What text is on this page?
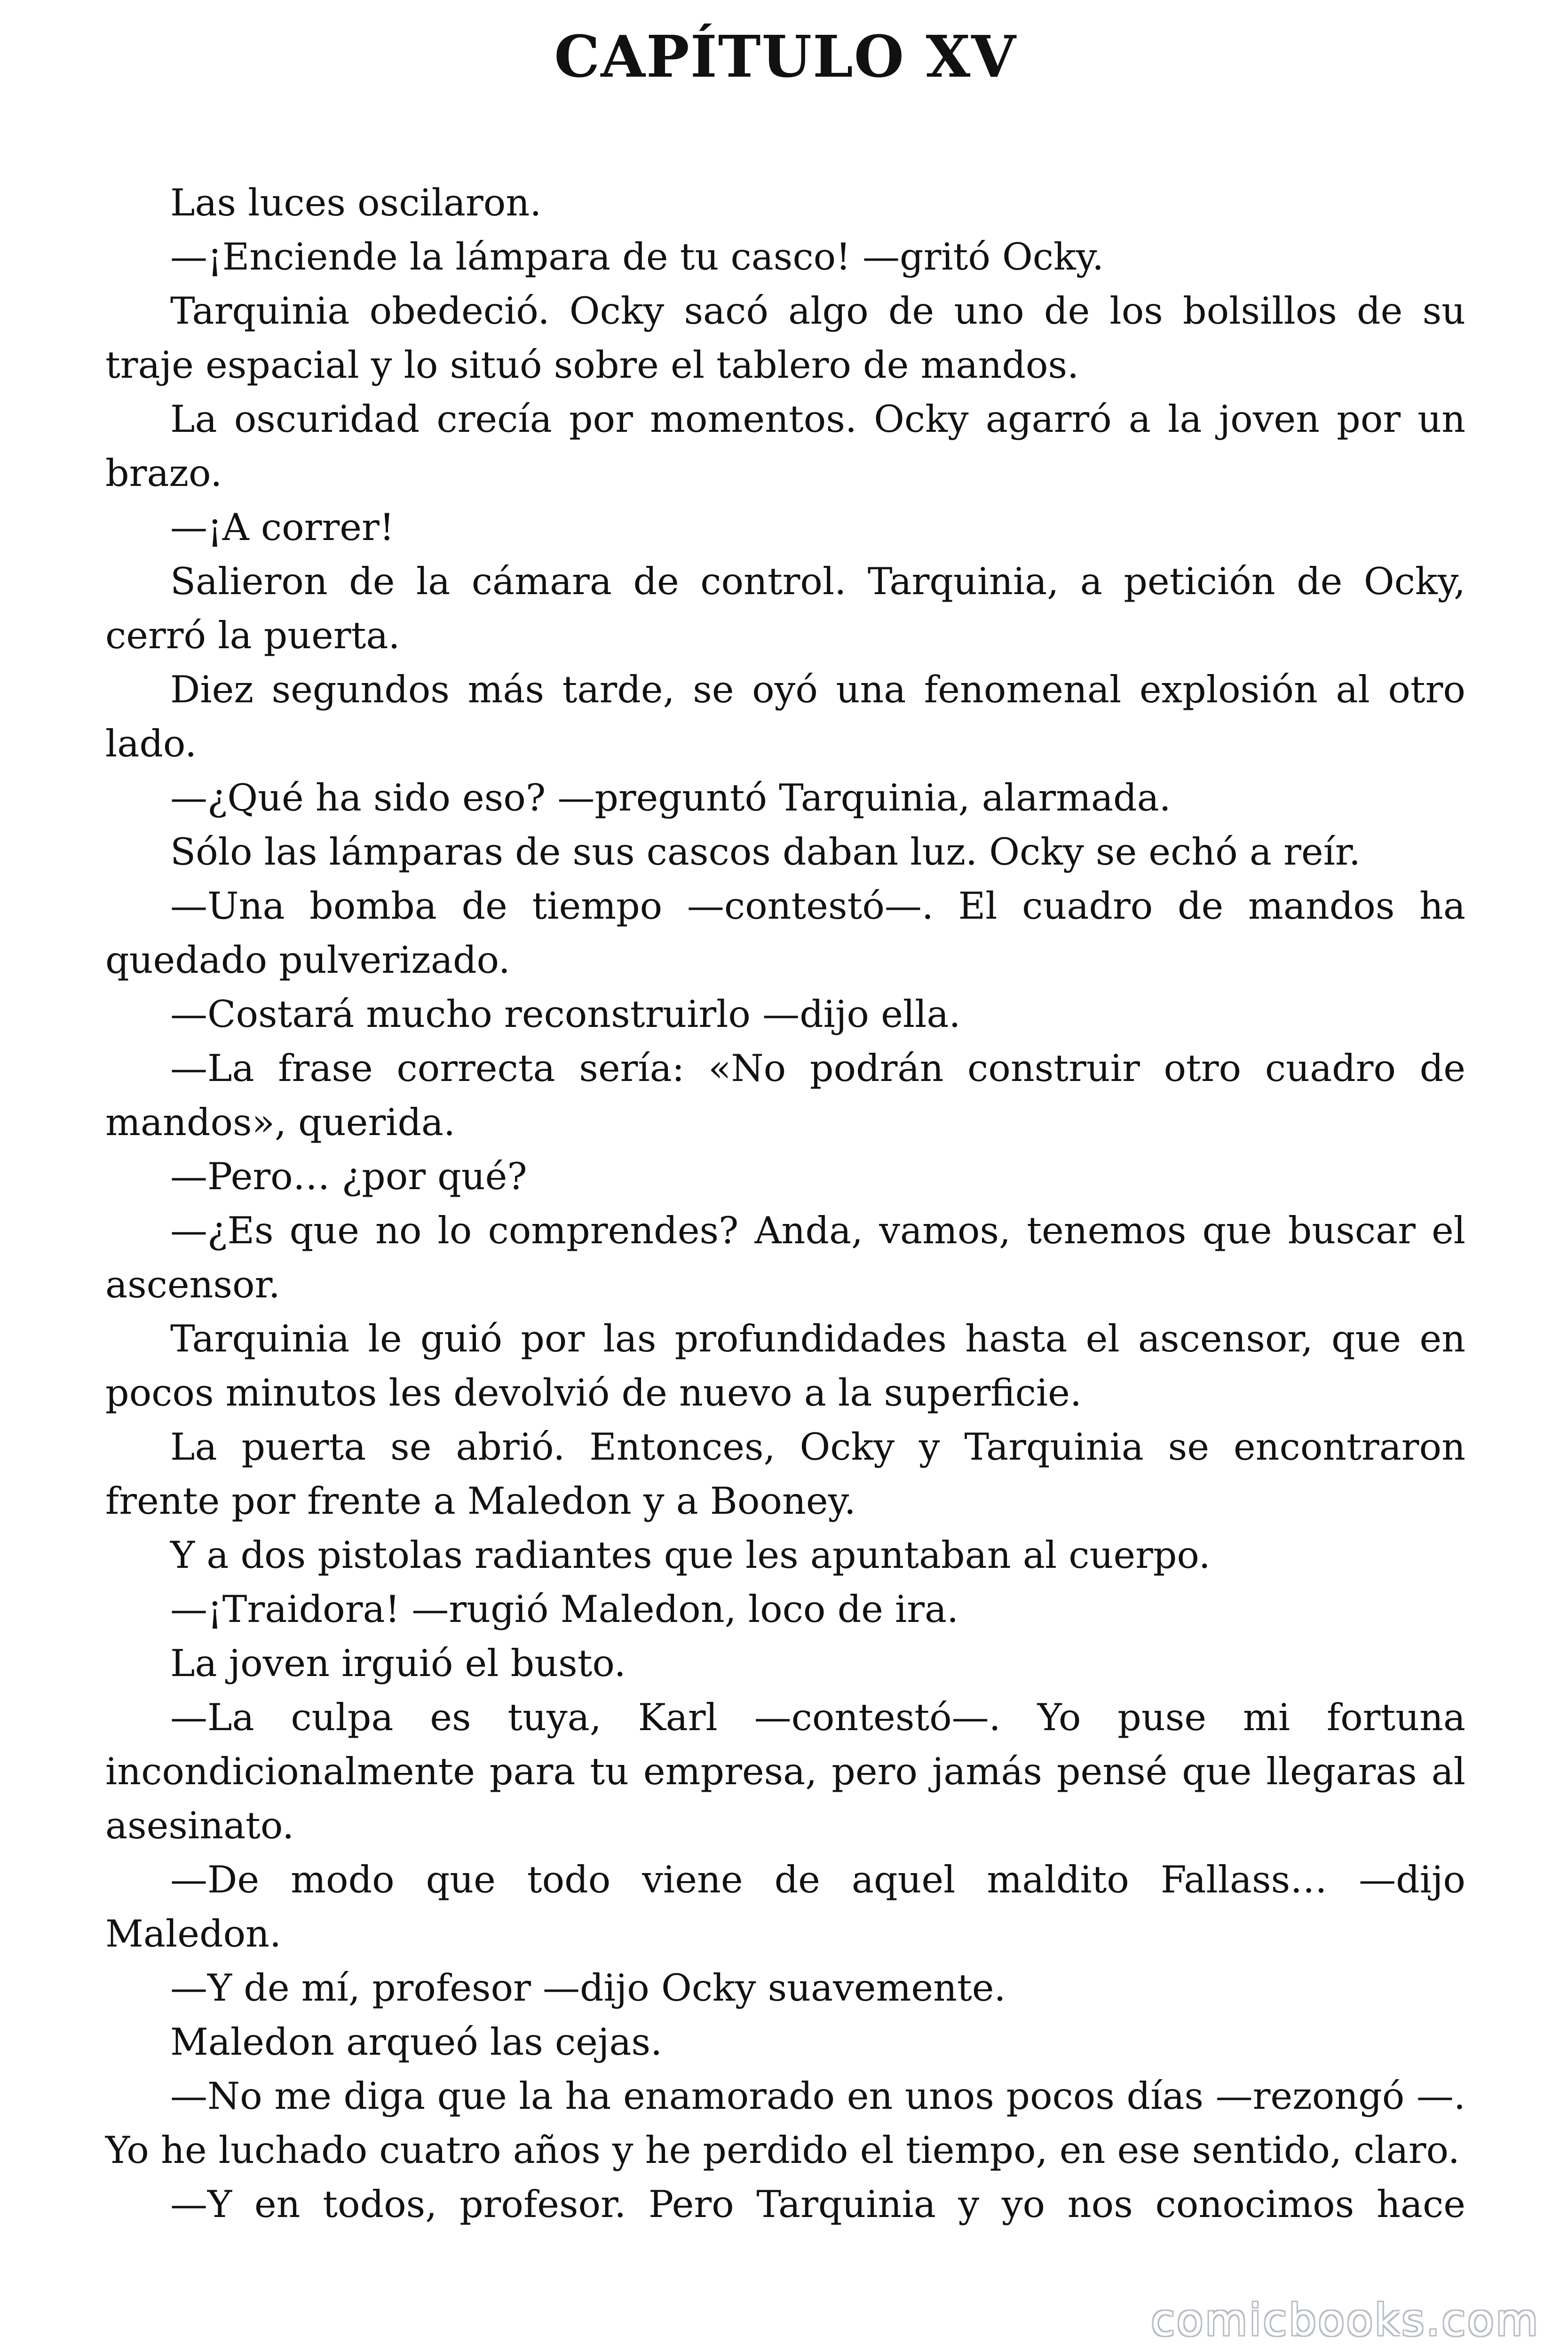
CAPÍTULO XV

Las luces oscilaron.

—¡Enciende la lámpara de tu casco! —gritó Ocky.

Tarquinia obedeció. Ocky sacó algo de uno de los bolsillos de su traje espacial y lo situó sobre el tablero de mandos.

La oscuridad crecía por momentos. Ocky agarró a la joven por un brazo.

—¡A correr!

Salieron de la cámara de control. Tarquinia, a petición de Ocky, cerró la puerta.

Diez segundos más tarde, se oyó una fenomenal explosión al otro lado.

—¿Qué ha sido eso? —preguntó Tarquinia, alarmada.

Sólo las lámparas de sus cascos daban luz. Ocky se echó a reír.

—Una bomba de tiempo —contestó—. El cuadro de mandos ha quedado pulverizado.

—Costará mucho reconstruirlo —dijo ella.

—La frase correcta sería: «No podrán construir otro cuadro de mandos», querida.

—Pero… ¿por qué?

—¿Es que no lo comprendes? Anda, vamos, tenemos que buscar el ascensor.

Tarquinia le guió por las profundidades hasta el ascensor, que en pocos minutos les devolvió de nuevo a la superficie.

La puerta se abrió. Entonces, Ocky y Tarquinia se encontraron frente por frente a Maledon y a Booney.

Y a dos pistolas radiantes que les apuntaban al cuerpo.

—¡Traidora! —rugió Maledon, loco de ira.

La joven irguió el busto.

—La culpa es tuya, Karl —contestó—. Yo puse mi fortuna incondicionalmente para tu empresa, pero jamás pensé que llegaras al asesinato.

—De modo que todo viene de aquel maldito Fallass… —dijo Maledon.

—Y de mí, profesor —dijo Ocky suavemente.

Maledon arqueó las cejas.

—No me diga que la ha enamorado en unos pocos días —rezongó —. Yo he luchado cuatro años y he perdido el tiempo, en ese sentido, claro.

—Y en todos, profesor. Pero Tarquinia y yo nos conocimos hace

comicbooks.com
